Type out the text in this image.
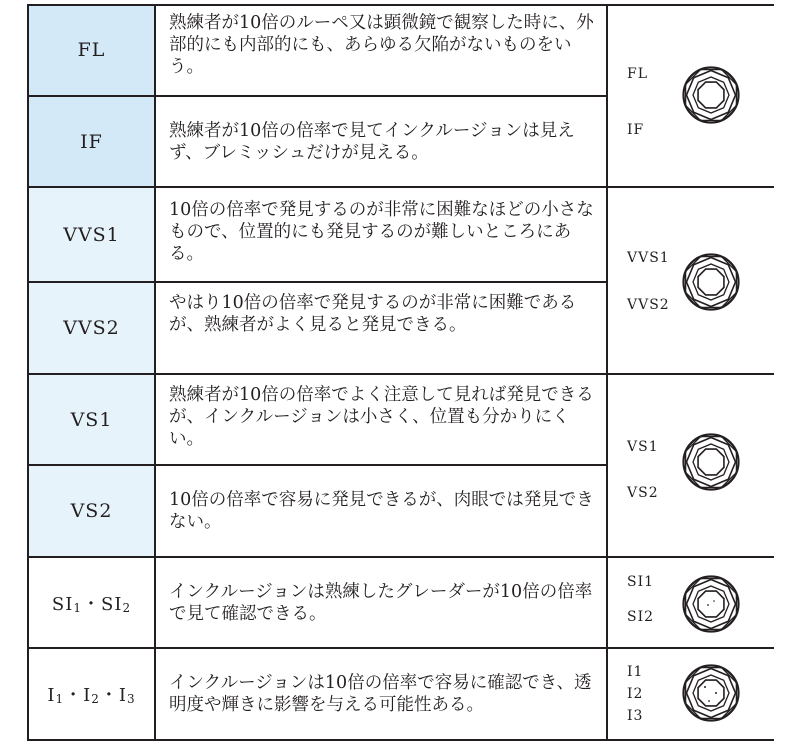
FL
IF
VVS1
VVS2
VS1
VS2
$SI_1$・$SI_2$
$I_1$・$I_2$・$I_3$
熟練者が10倍のルーペ又は顕微鏡で観察した時に、外部的にも内部的にも、あらゆる欠陥がないものをいう。
熟練者が10倍の倍率で見てインクルージョンは見えず、ブレミッシュだけが見える。
10倍の倍率で発見するのが非常に困難なほどの小さなもので、位置的にも発見するのが難しいところにある。
やはり10倍の倍率で発見するのが非常に困難であるが、熟練者がよく見ると発見できる。
熟練者が10倍の倍率でよく注意して見れば発見できるが、インクルージョンは小さく、位置も分かりにくい。
10倍の倍率で容易に発見できるが、肉眼では発見できない。
インクルージョンは熟練したグレーダーが10倍の倍率で見て確認できる。
インクルージョンは10倍の倍率で容易に確認でき、透明度や輝きに影響を与える可能性ある。
FL
IF
VVS1
VVS2
VS1
VS2
SI1
SI2
I1
I2
I3
